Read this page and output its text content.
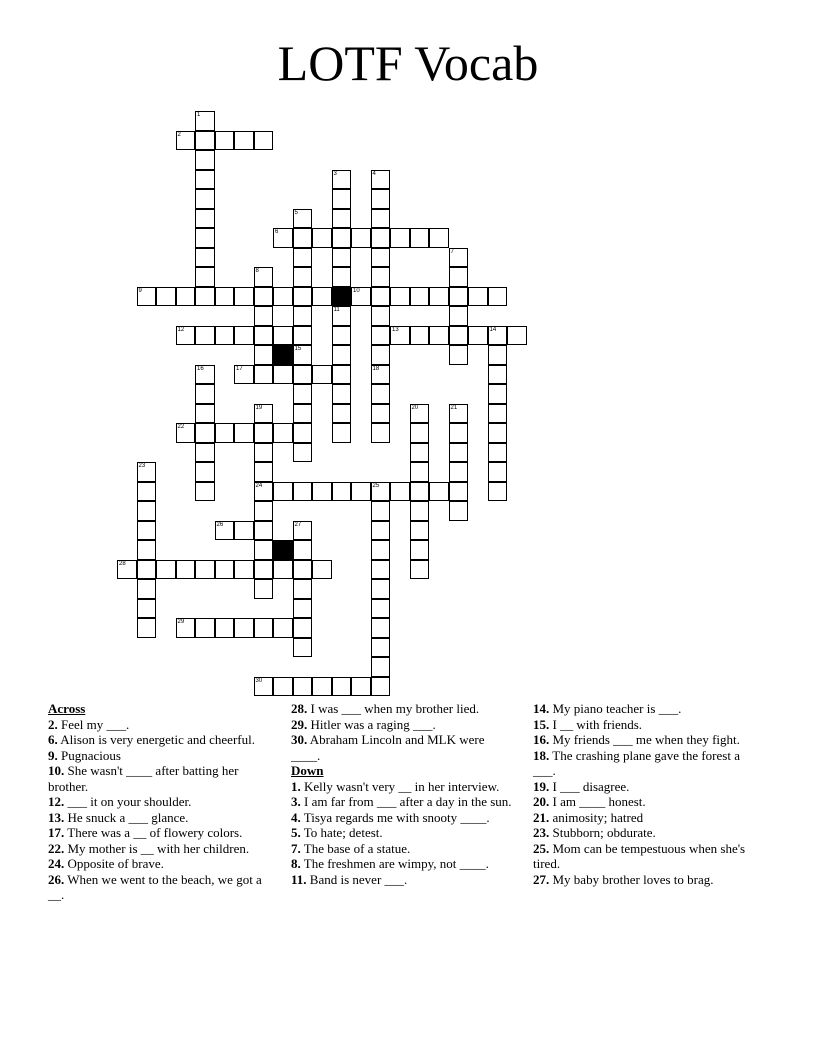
LOTF Vocab
1
2
3
11
4
18
5
15
6
7
8
9	10
12	13	14
16	17
19
24
20	21
22
23
25
26	27
28
29
30
Across
2. Feel my ___.
6. Alison is very energetic and cheerful.
9. Pugnacious
10. She wasn't ____ after batting her brother.
12. ___ it on your shoulder.
13. He snuck a ___ glance.
17. There was a __ of flowery colors.
22. My mother is __ with her children.
24. Opposite of brave.
26. When we went to the beach, we got a __.
28. I was ___ when my brother lied.
29. Hitler was a raging ___.
30. Abraham Lincoln and MLK were ____.
Down
1. Kelly wasn't very __ in her interview.
3. I am far from ___ after a day in the sun.
4. Tisya regards me with snooty ____.
5. To hate; detest.
7. The base of a statue.
8. The freshmen are wimpy, not ____.
11. Band is never ___.
14. My piano teacher is ___.
15. I __ with friends.
16. My friends ___ me when they fight.
18. The crashing plane gave the forest a ___.
19. I ___ disagree.
20. I am ____ honest.
21. animosity; hatred
23. Stubborn; obdurate.
25. Mom can be tempestuous when she's tired.
27. My baby brother loves to brag.
